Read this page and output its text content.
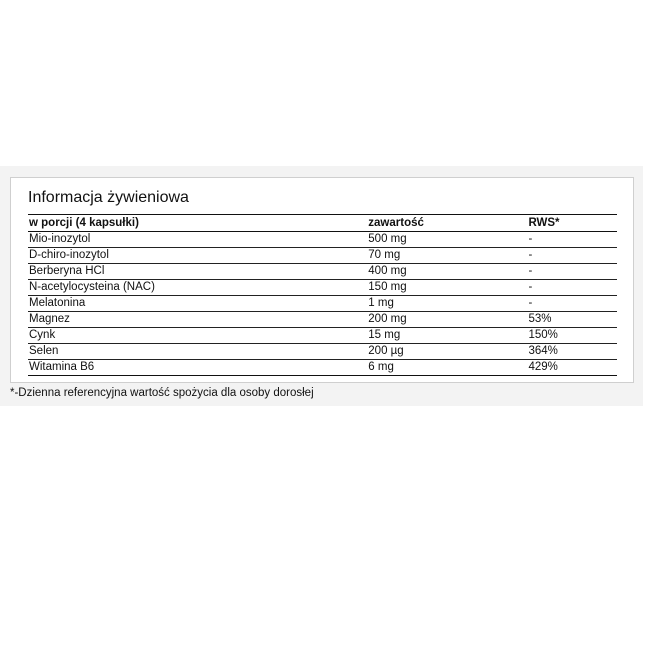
Informacja żywieniowa
w porcji (4 kapsułki)	zawartość	RWS*
Mio-inozytol	500 mg	-
D-chiro-inozytol	70 mg	-
Berberyna HCl	400 mg	-
N-acetylocysteina (NAC)	150 mg	-
Melatonina	1 mg	-
Magnez	200 mg	53%
Cynk	15 mg	150%
Selen	200 µg	364%
Witamina B6	6 mg	429%
*-Dzienna referencyjna wartość spożycia dla osoby dorosłej
